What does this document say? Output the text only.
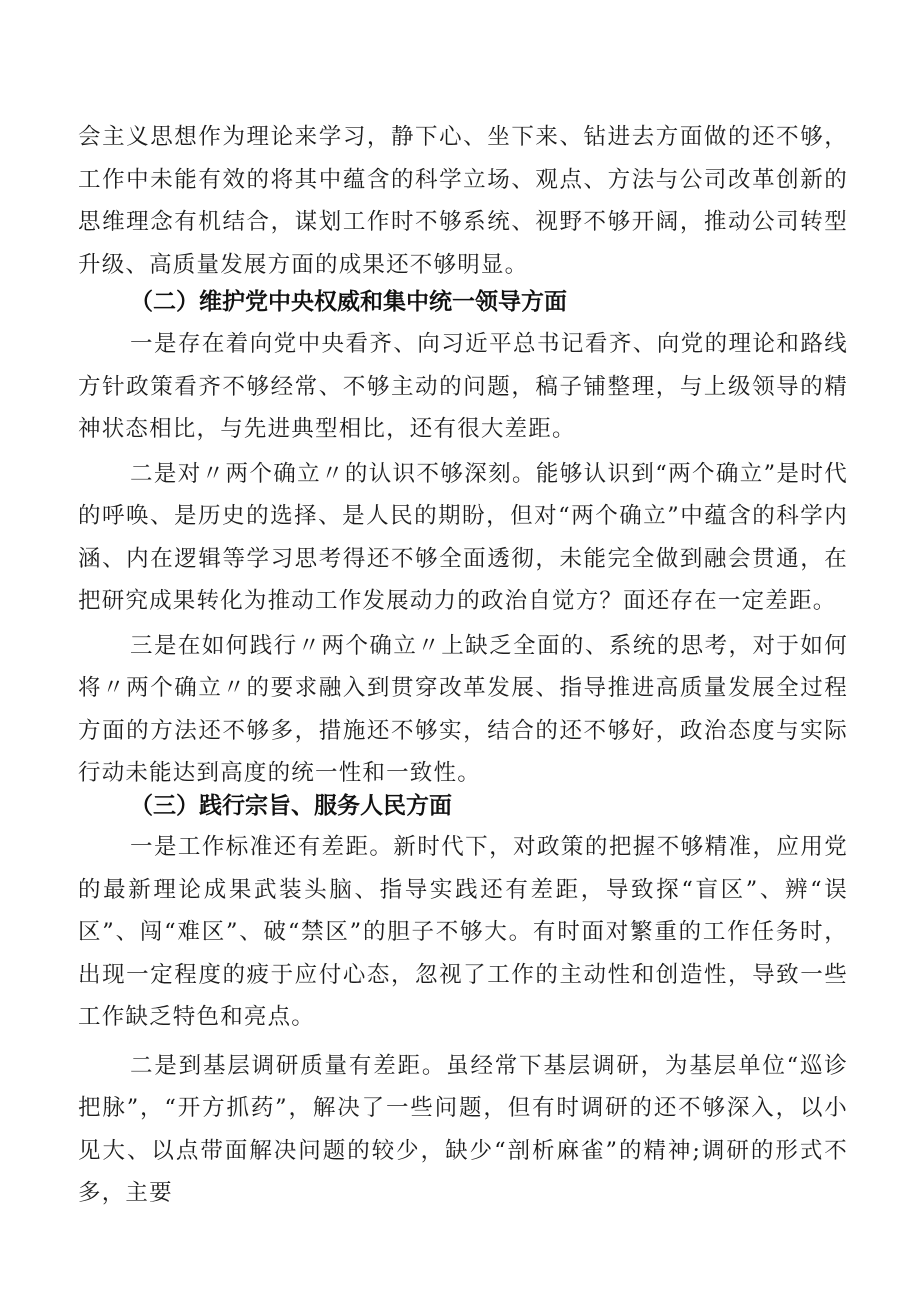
会主义思想作为理论来学习，静下心、坐下来、钻进去方面做的还不够，工作中未能有效的将其中蕴含的科学立场、观点、方法与公司改革创新的思维理念有机结合，谋划工作时不够系统、视野不够开阔，推动公司转型升级、高质量发展方面的成果还不够明显。

（二）维护党中央权威和集中统一领导方面

一是存在着向党中央看齐、向习近平总书记看齐、向党的理论和路线方针政策看齐不够经常、不够主动的问题，稿子铺整理，与上级领导的精神状态相比，与先进典型相比，还有很大差距。

二是对〃两个确立〃的认识不够深刻。能够认识到“两个确立”是时代的呼唤、是历史的选择、是人民的期盼，但对“两个确立”中蕴含的科学内涵、内在逻辑等学习思考得还不够全面透彻，未能完全做到融会贯通，在把研究成果转化为推动工作发展动力的政治自觉方？面还存在一定差距。

三是在如何践行〃两个确立〃上缺乏全面的、系统的思考，对于如何将〃两个确立〃的要求融入到贯穿改革发展、指导推进高质量发展全过程方面的方法还不够多，措施还不够实，结合的还不够好，政治态度与实际行动未能达到高度的统一性和一致性。

（三）践行宗旨、服务人民方面

一是工作标准还有差距。新时代下，对政策的把握不够精准，应用党的最新理论成果武装头脑、指导实践还有差距，导致探“盲区”、辨“误区”、闯“难区”、破“禁区”的胆子不够大。有时面对繁重的工作任务时，出现一定程度的疲于应付心态，忽视了工作的主动性和创造性，导致一些工作缺乏特色和亮点。

二是到基层调研质量有差距。虽经常下基层调研，为基层单位“巡诊把脉”，“开方抓药”，解决了一些问题，但有时调研的还不够深入，以小见大、以点带面解决问题的较少，缺少“剖析麻雀”的精神;调研的形式不多，主要
